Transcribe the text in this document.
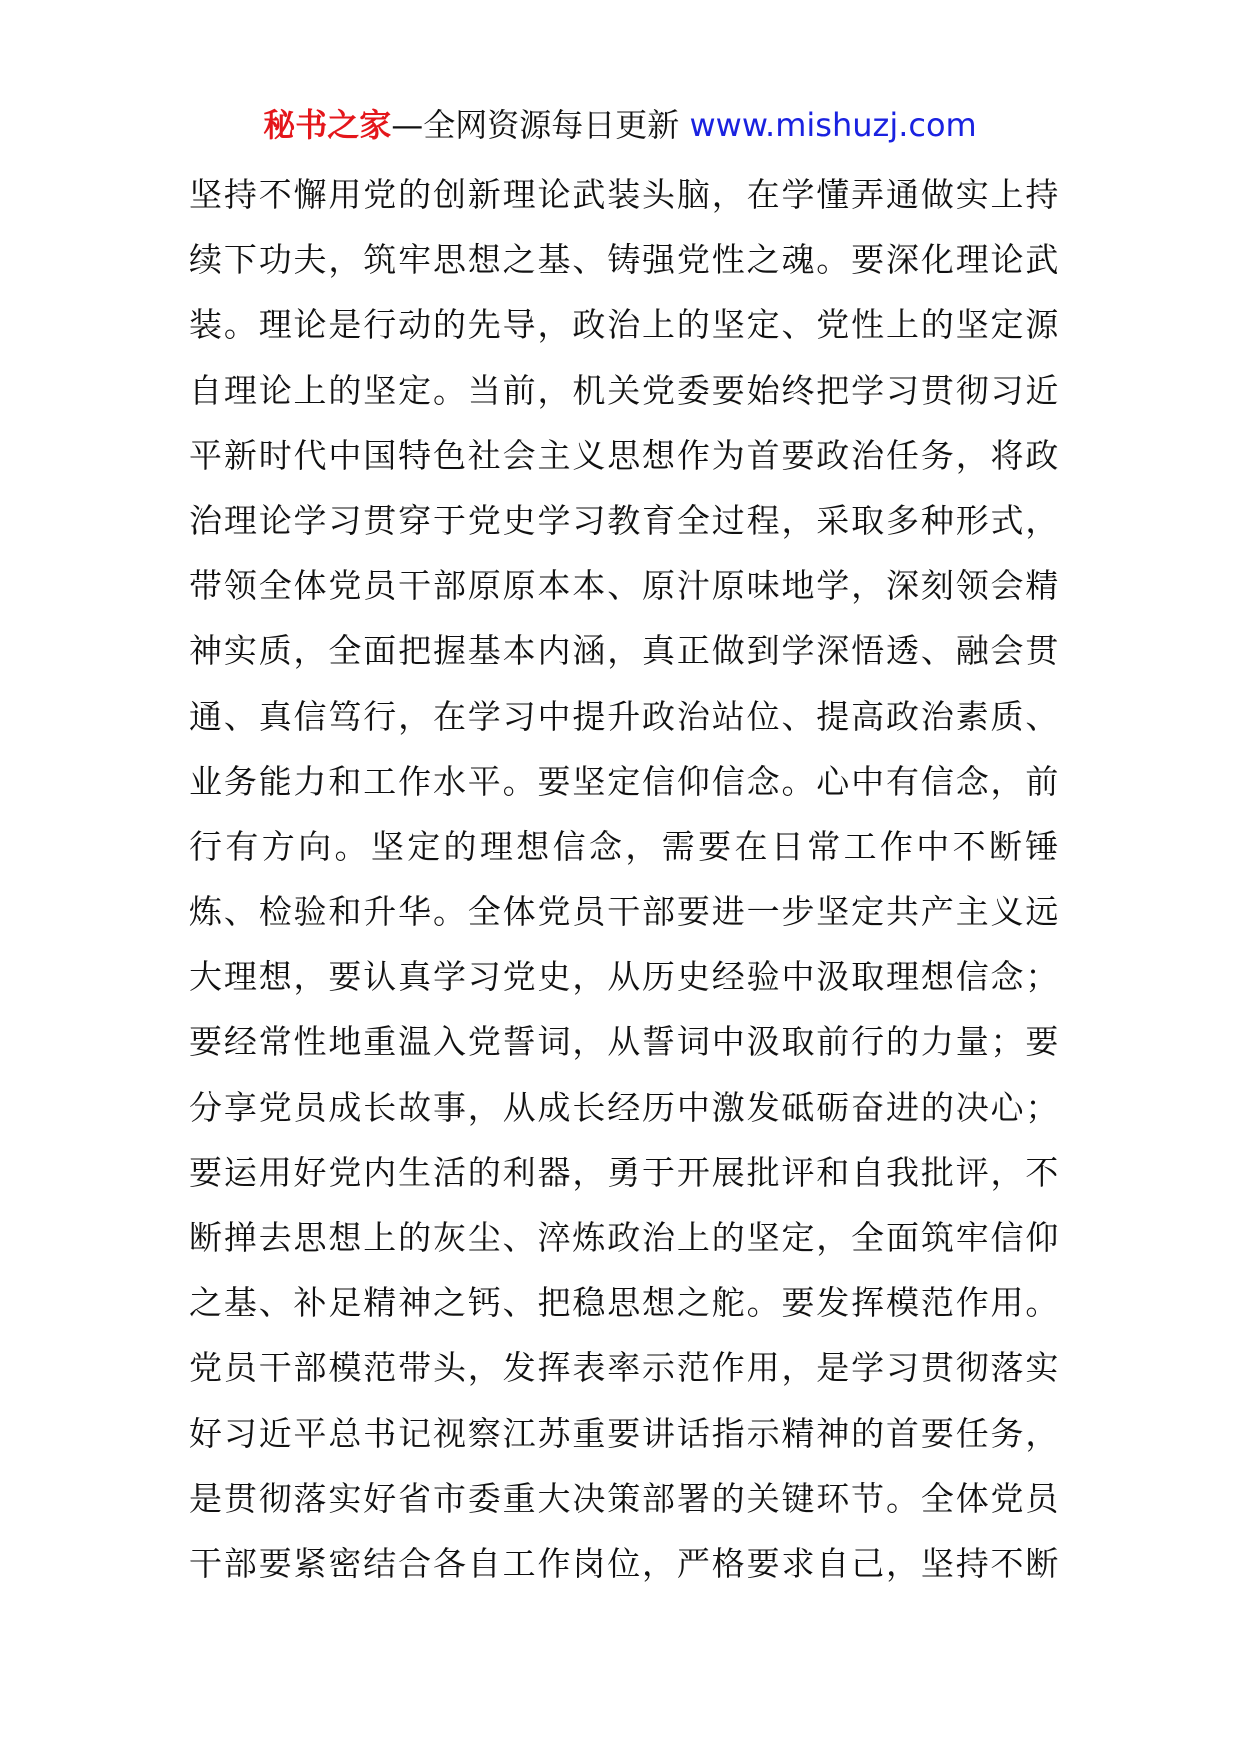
秘书之家—全网资源每日更新 www.mishuzj.com
坚持不懈用党的创新理论武装头脑，在学懂弄通做实上持
续下功夫，筑牢思想之基、铸强党性之魂。要深化理论武
装。理论是行动的先导，政治上的坚定、党性上的坚定源
自理论上的坚定。当前，机关党委要始终把学习贯彻习近
平新时代中国特色社会主义思想作为首要政治任务，将政
治理论学习贯穿于党史学习教育全过程，采取多种形式，
带领全体党员干部原原本本、原汁原味地学，深刻领会精
神实质，全面把握基本内涵，真正做到学深悟透、融会贯
通、真信笃行，在学习中提升政治站位、提高政治素质、
业务能力和工作水平。要坚定信仰信念。心中有信念，前
行有方向。坚定的理想信念，需要在日常工作中不断锤
炼、检验和升华。全体党员干部要进一步坚定共产主义远
大理想，要认真学习党史，从历史经验中汲取理想信念；
要经常性地重温入党誓词，从誓词中汲取前行的力量；要
分享党员成长故事，从成长经历中激发砥砺奋进的决心；
要运用好党内生活的利器，勇于开展批评和自我批评，不
断掸去思想上的灰尘、淬炼政治上的坚定，全面筑牢信仰
之基、补足精神之钙、把稳思想之舵。要发挥模范作用。
党员干部模范带头，发挥表率示范作用，是学习贯彻落实
好习近平总书记视察江苏重要讲话指示精神的首要任务，
是贯彻落实好省市委重大决策部署的关键环节。全体党员
干部要紧密结合各自工作岗位，严格要求自己，坚持不断
